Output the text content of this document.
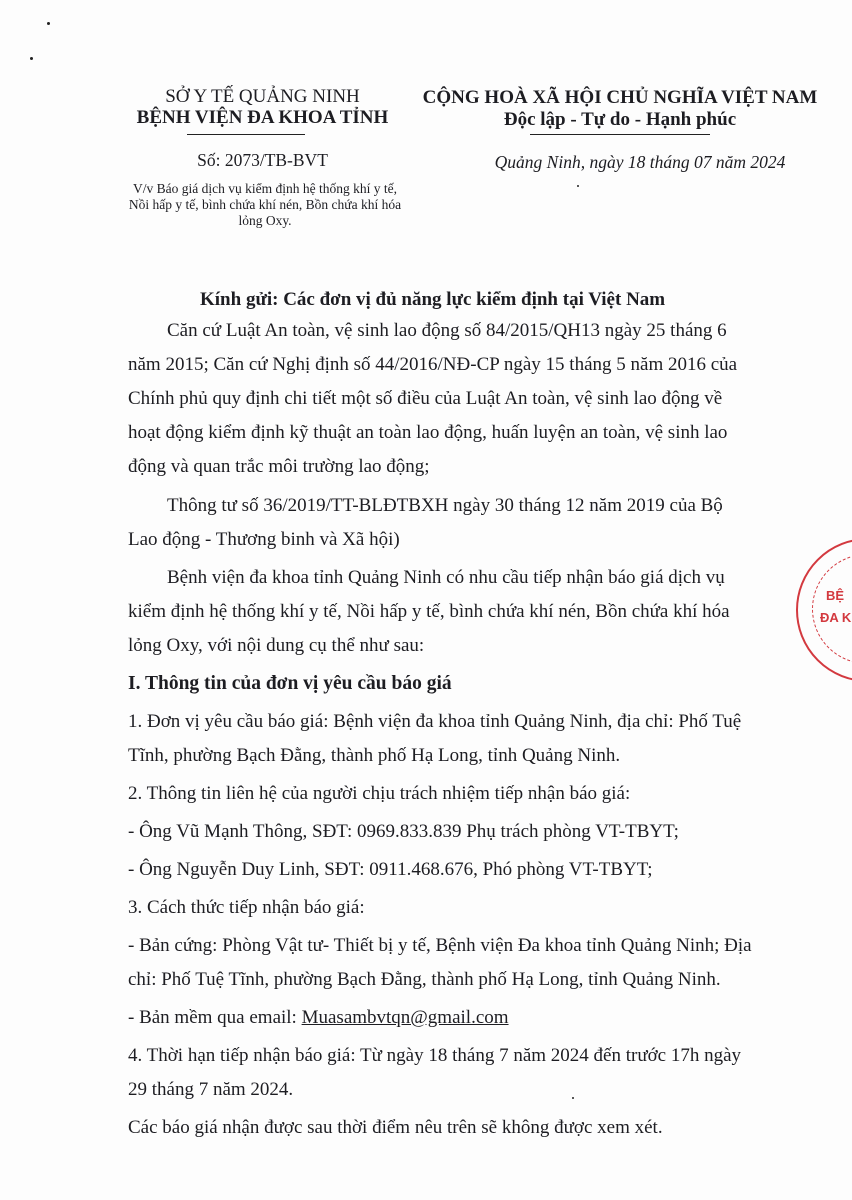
SỞ Y TẾ QUẢNG NINH
BỆNH VIỆN ĐA KHOA TỈNH
CỘNG HOÀ XÃ HỘI CHỦ NGHĨA VIỆT NAM
Độc lập - Tự do - Hạnh phúc
Số: 2073/TB-BVT	Quảng Ninh, ngày 18 tháng 07 năm 2024
V/v Báo giá dịch vụ kiểm định hệ thống khí y tế,
Nồi hấp y tế, bình chứa khí nén, Bồn chứa khí hóa
lỏng Oxy.
Kính gửi: Các đơn vị đủ năng lực kiểm định tại Việt Nam
Căn cứ Luật An toàn, vệ sinh lao động số 84/2015/QH13 ngày 25 tháng 6
năm 2015; Căn cứ Nghị định số 44/2016/NĐ-CP ngày 15 tháng 5 năm 2016 của
Chính phủ quy định chi tiết một số điều của Luật An toàn, vệ sinh lao động về
hoạt động kiểm định kỹ thuật an toàn lao động, huấn luyện an toàn, vệ sinh lao
động và quan trắc môi trường lao động;
Thông tư số 36/2019/TT-BLĐTBXH ngày 30 tháng 12 năm 2019 của Bộ
Lao động - Thương binh và Xã hội)
Bệnh viện đa khoa tỉnh Quảng Ninh có nhu cầu tiếp nhận báo giá dịch vụ
kiểm định hệ thống khí y tế, Nồi hấp y tế, bình chứa khí nén, Bồn chứa khí hóa
lỏng Oxy, với nội dung cụ thể như sau:
I. Thông tin của đơn vị yêu cầu báo giá
1. Đơn vị yêu cầu báo giá: Bệnh viện đa khoa tỉnh Quảng Ninh, địa chỉ: Phố Tuệ
Tĩnh, phường Bạch Đằng, thành phố Hạ Long, tỉnh Quảng Ninh.
2. Thông tin liên hệ của người chịu trách nhiệm tiếp nhận báo giá:
- Ông Vũ Mạnh Thông, SĐT: 0969.833.839 Phụ trách phòng VT-TBYT;
- Ông Nguyễn Duy Linh, SĐT: 0911.468.676, Phó phòng VT-TBYT;
3. Cách thức tiếp nhận báo giá:
- Bản cứng: Phòng Vật tư- Thiết bị y tế, Bệnh viện Đa khoa tỉnh Quảng Ninh; Địa
chỉ: Phố Tuệ Tĩnh, phường Bạch Đằng, thành phố Hạ Long, tỉnh Quảng Ninh.
- Bản mềm qua email: Muasambvtqn@gmail.com
4. Thời hạn tiếp nhận báo giá: Từ ngày 18 tháng 7 năm 2024 đến trước 17h ngày
29 tháng 7 năm 2024.
Các báo giá nhận được sau thời điểm nêu trên sẽ không được xem xét.
BỆ
ĐA K
